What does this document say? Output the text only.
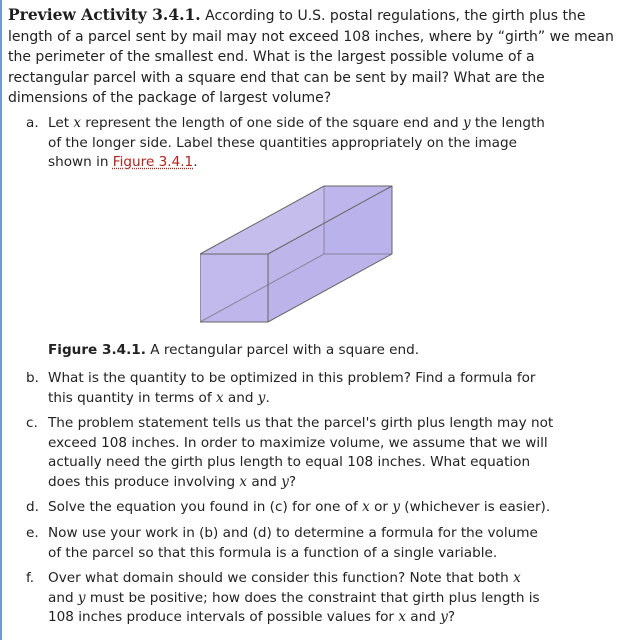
Preview Activity 3.4.1. According to U.S. postal regulations, the girth plus the length of a parcel sent by mail may not exceed 108 inches, where by “girth” we mean the perimeter of the smallest end. What is the largest possible volume of a rectangular parcel with a square end that can be sent by mail? What are the dimensions of the package of largest volume?

a. Let x represent the length of one side of the square end and y the length of the longer side. Label these quantities appropriately on the image shown in Figure 3.4.1.
Figure 3.4.1. A rectangular parcel with a square end.
b. What is the quantity to be optimized in this problem? Find a formula for this quantity in terms of x and y.
c. The problem statement tells us that the parcel's girth plus length may not exceed 108 inches. In order to maximize volume, we assume that we will actually need the girth plus length to equal 108 inches. What equation does this produce involving x and y?
d. Solve the equation you found in (c) for one of x or y (whichever is easier).
e. Now use your work in (b) and (d) to determine a formula for the volume of the parcel so that this formula is a function of a single variable.
f.	Over what domain should we consider this function? Note that both x and y must be positive; how does the constraint that girth plus length is 108 inches produce intervals of possible values for x and y?
